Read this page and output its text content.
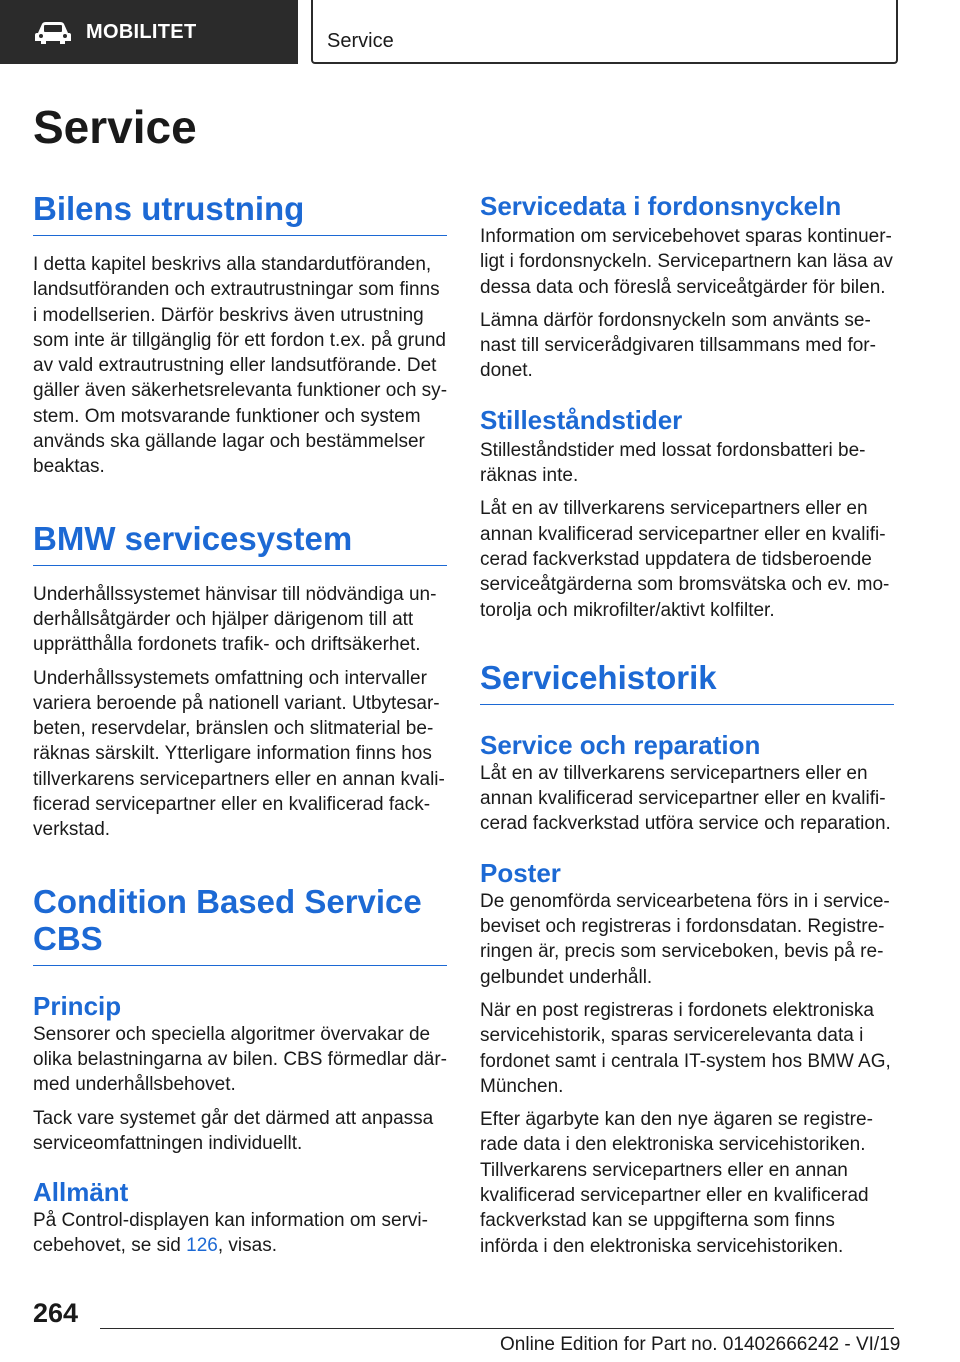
MOBILITET	Service
Service
Bilens utrustning

I detta kapitel beskrivs alla standardutföranden, landsutföranden och extrautrustningar som finns i modellserien. Därför beskrivs även utrustning som inte är tillgänglig för ett fordon t.ex. på grund av vald extrautrustning eller landsutförande. Det gäller även säkerhetsrelevanta funktioner och system. Om motsvarande funktioner och system används ska gällande lagar och bestämmelser beaktas.

BMW servicesystem

Underhållssystemet hänvisar till nödvändiga underhållsåtgärder och hjälper därigenom till att upprätthålla fordonets trafik- och driftsäkerhet.

Underhållssystemets omfattning och intervaller variera beroende på nationell variant. Utbytesarbeten, reservdelar, bränslen och slitmaterial beräknas särskilt. Ytterligare information finns hos tillverkarens servicepartners eller en annan kvalificerad servicepartner eller en kvalificerad fackverkstad.

Condition Based Service CBS
Princip

Sensorer och speciella algoritmer övervakar de olika belastningarna av bilen. CBS förmedlar därmed underhållsbehovet.

Tack vare systemet går det därmed att anpassa serviceomfattningen individuellt.

Allmänt

På Control-displayen kan information om servicebehovet, se sid 126, visas.

Servicedata i fordonsnyckeln

Information om servicebehovet sparas kontinuerligt i fordonsnyckeln. Servicepartnern kan läsa av dessa data och föreslå serviceåtgärder för bilen.

Lämna därför fordonsnyckeln som använts senast till servicerådgivaren tillsammans med fordonet.

Stilleståndstider

Stilleståndstider med lossat fordonsbatteri beräknas inte.

Låt en av tillverkarens servicepartners eller en annan kvalificerad servicepartner eller en kvalificerad fackverkstad uppdatera de tidsberoende serviceåtgärderna som bromsvätska och ev. motorolja och mikrofilter/aktivt kolfilter.

Servicehistorik
Service och reparation

Låt en av tillverkarens servicepartners eller en annan kvalificerad servicepartner eller en kvalificerad fackverkstad utföra service och reparation.

Poster

De genomförda servicearbetena förs in i servicebeviset och registreras i fordonsdatan. Registreringen är, precis som serviceboken, bevis på regelbundet underhåll.

När en post registreras i fordonets elektroniska servicehistorik, sparas servicerelevanta data i fordonet samt i centrala IT-system hos BMW AG, München.

Efter ägarbyte kan den nye ägaren se registrerade data i den elektroniska servicehistoriken. Tillverkarens servicepartners eller en annan kvalificerad servicepartner eller en kvalificerad fackverkstad kan se uppgifterna som finns införda i den elektroniska servicehistoriken.

264
Online Edition for Part no. 01402666242 - VI/19
